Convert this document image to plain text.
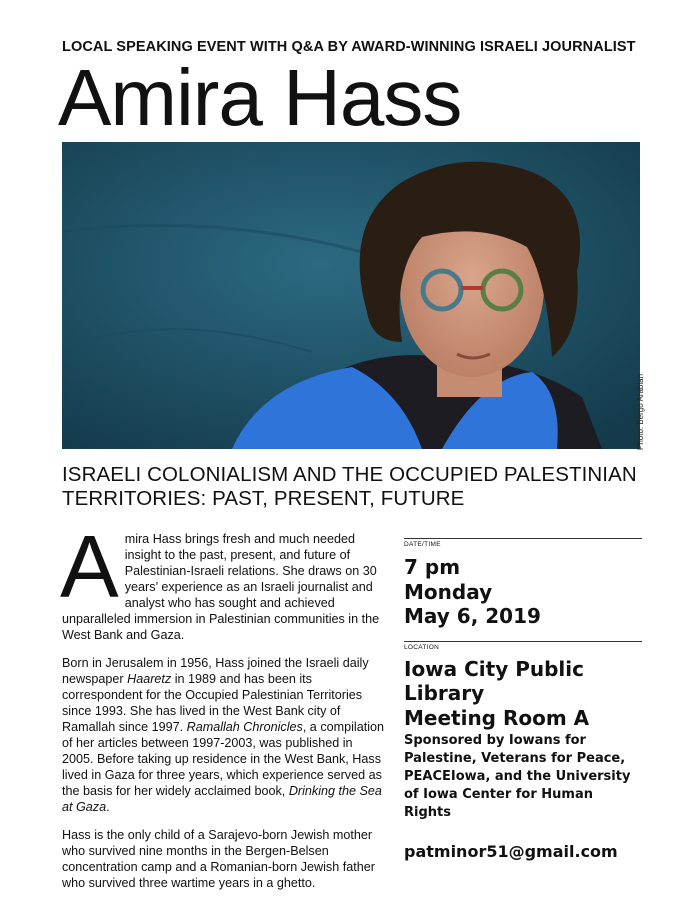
LOCAL SPEAKING EVENT WITH Q&A BY AWARD-WINNING ISRAELI JOURNALIST
Amira Hass
Photo: Bergo Arablan
ISRAELI COLONIALISM AND THE OCCUPIED PALESTINIAN
TERRITORIES: PAST, PRESENT, FUTURE

Amira Hass brings fresh and much needed insight to the past, present, and future of Palestinian-Israeli relations. She draws on 30 years’ experience as an Israeli journalist and analyst who has sought and achieved unparalleled immersion in Palestinian communities in the West Bank and Gaza.

Born in Jerusalem in 1956, Hass joined the Israeli daily newspaper Haaretz in 1989 and has been its correspondent for the Occupied Palestinian Territories since 1993. She has lived in the West Bank city of Ramallah since 1997. Ramallah Chronicles, a compilation of her articles between 1997-2003, was published in 2005. Before taking up residence in the West Bank, Hass lived in Gaza for three years, which experience served as the basis for her widely acclaimed book, Drinking the Sea at Gaza.

Hass is the only child of a Sarajevo-born Jewish mother who survived nine months in the Bergen-Belsen concentration camp and a Romanian-born Jewish father who survived three wartime years in a ghetto.

DATE/TIME
7 pm
Monday
May 6, 2019
LOCATION
Iowa City Public
Library
Meeting Room A
Sponsored by Iowans for Palestine, Veterans for Peace, PEACEIowa, and the University of Iowa Center for Human Rights
patminor51@gmail.com
